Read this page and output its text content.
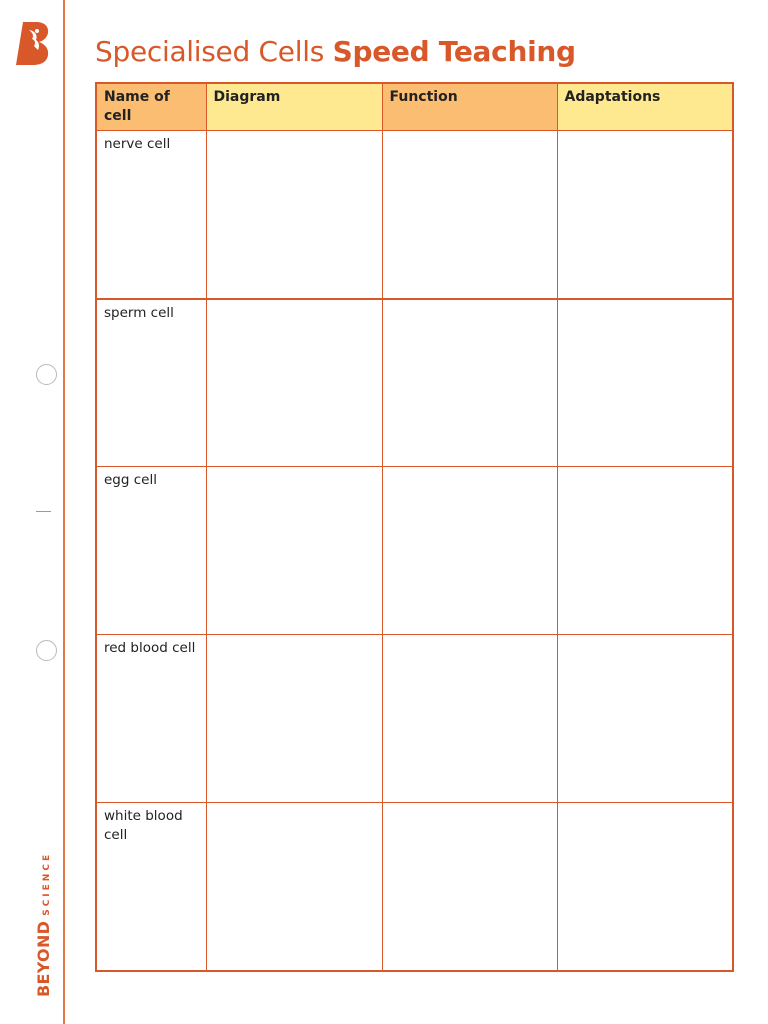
BEYOND
SCIENCE
Specialised Cells Speed Teaching
Name of cell	Diagram	Function	Adaptations
nerve cell			
sperm cell			
egg cell			
red blood cell			
white blood cell			
